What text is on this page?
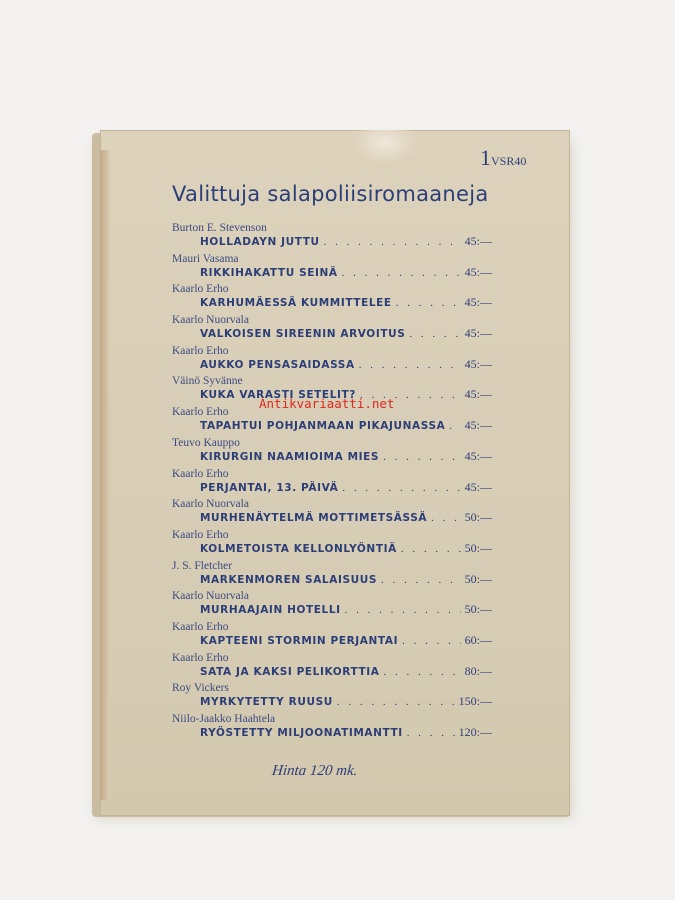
1VSR40
Valittuja salapoliisiromaaneja
Burton E. Stevenson
HOLLADAYN JUTTU . . .	45:—
Mauri Vasama
RIKKIHAKATTU SEINÄ . . .	45:—
Kaarlo Erho
KARHUMÄESSÄ KUMMITTELEE . . .	45:—
Kaarlo Nuorvala
VALKOISEN SIREENIN ARVOITUS . . .	45:—
Kaarlo Erho
AUKKO PENSASAIDASSA . . .	45:—
Väinö Syvänne
KUKA VARASTI SETELIT? . . .	45:—
Kaarlo Erho
TAPAHTUI POHJANMAAN PIKAJUNASSA . . . 45:—
Teuvo Kauppo
KIRURGIN NAAMIOIMA MIES . . .	45:—
Kaarlo Erho
PERJANTAI, 13. PÄIVÄ . . .	45:—
Kaarlo Nuorvala
MURHENÄYTELMÄ MOTTIMETSÄSSÄ . . .	50:—
Kaarlo Erho
KOLMETOISTA KELLONLYÖNTIÄ . . .	50:—
J. S. Fletcher
MARKENMOREN SALAISUUS . . .	50:—
Kaarlo Nuorvala
MURHAAJAIN HOTELLI . . .	50:—
Kaarlo Erho
KAPTEENI STORMIN PERJANTAI . . .	60:—
Kaarlo Erho
SATA JA KAKSI PELIKORTTIA . . .	80:—
Roy Vickers
MYRKYTETTY RUUSU . . .	150:—
Niilo-Jaakko Haahtela
RYÖSTETTY MILJOONATIMANTTI . . .	120:—
Antikvariaatti.net
Hinta 120 mk.
